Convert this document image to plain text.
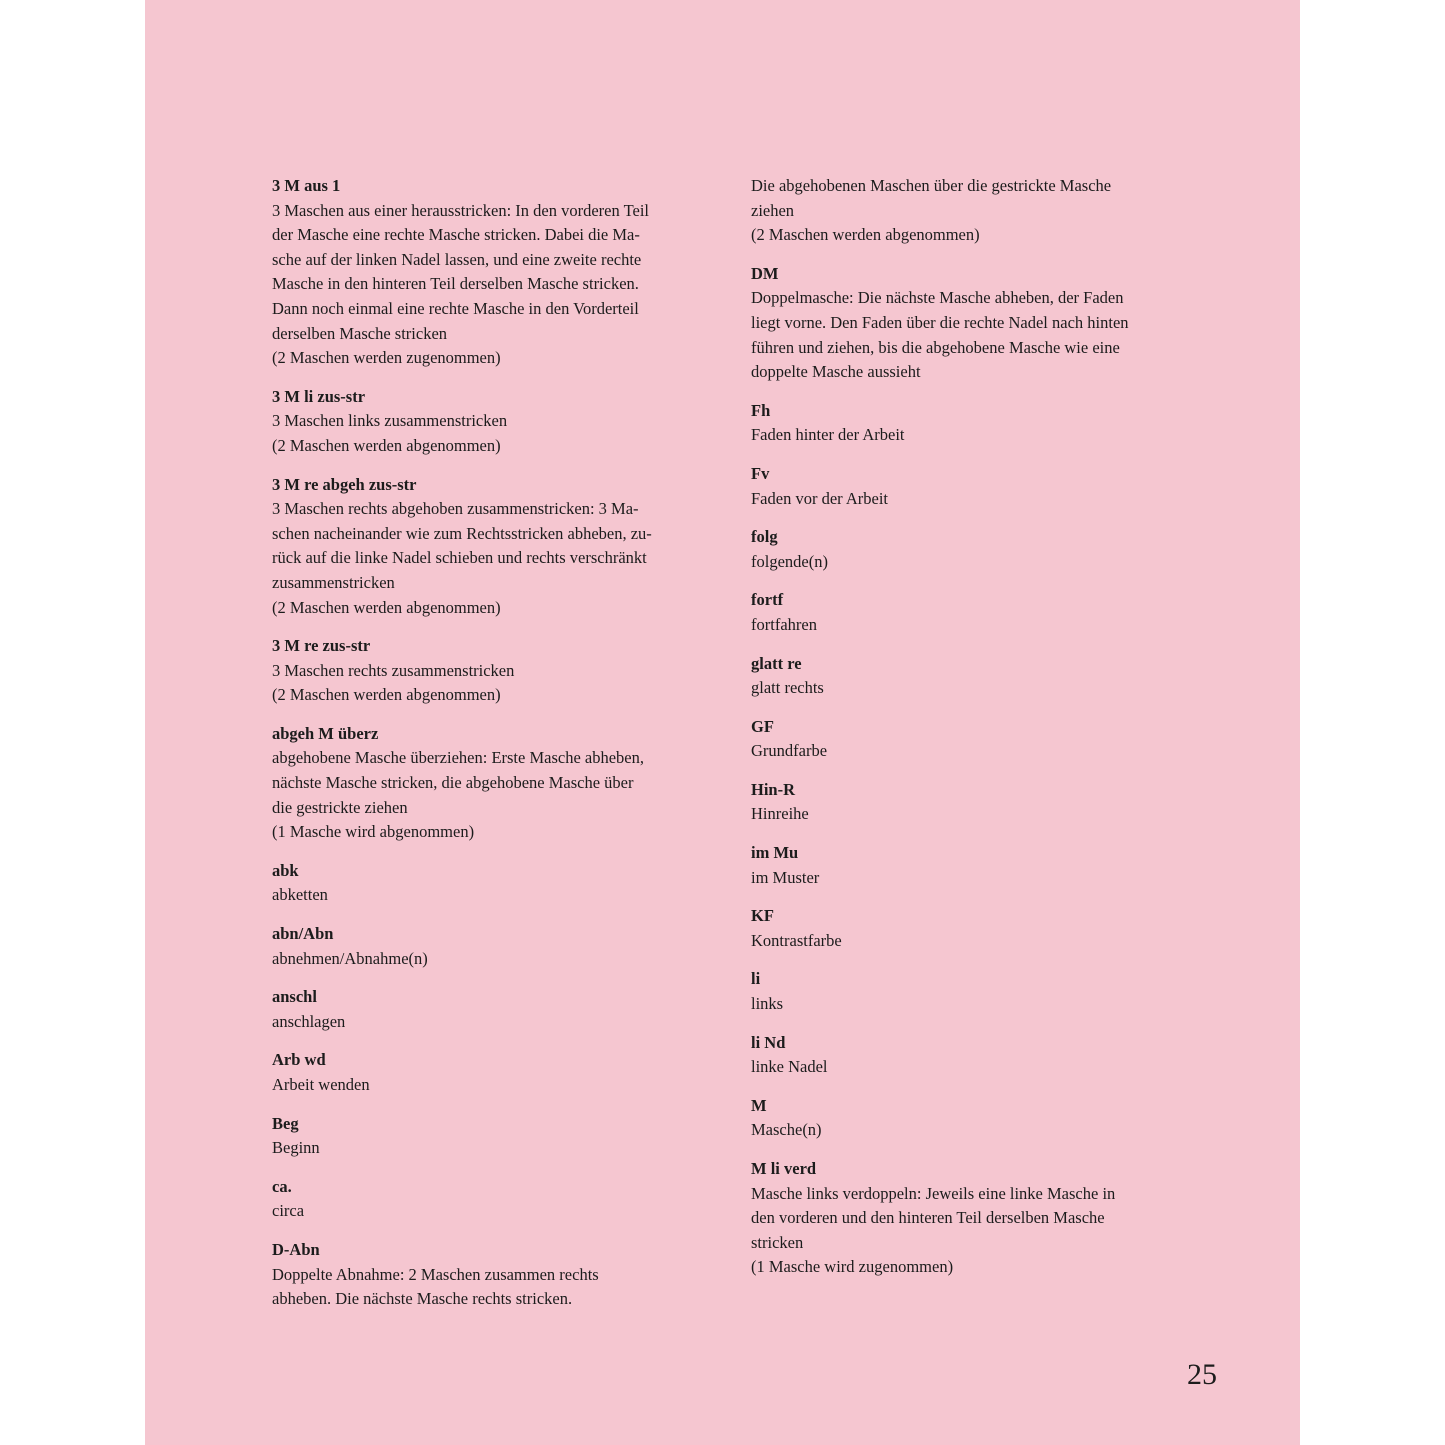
3 M aus 1
3 Maschen aus einer herausstricken: In den vorderen Teil
der Masche eine rechte Masche stricken. Dabei die Ma-
sche auf der linken Nadel lassen, und eine zweite rechte
Masche in den hinteren Teil derselben Masche stricken.
Dann noch einmal eine rechte Masche in den Vorderteil
derselben Masche stricken
(2 Maschen werden zugenommen)
3 M li zus-str
3 Maschen links zusammenstricken
(2 Maschen werden abgenommen)
3 M re abgeh zus-str
3 Maschen rechts abgehoben zusammenstricken: 3 Ma-
schen nacheinander wie zum Rechtsstricken abheben, zu-
rück auf die linke Nadel schieben und rechts verschränkt
zusammenstricken
(2 Maschen werden abgenommen)
3 M re zus-str
3 Maschen rechts zusammenstricken
(2 Maschen werden abgenommen)
abgeh M überz
abgehobene Masche überziehen: Erste Masche abheben,
nächste Masche stricken, die abgehobene Masche über
die gestrickte ziehen
(1 Masche wird abgenommen)
abk
abketten
abn/Abn
abnehmen/Abnahme(n)
anschl
anschlagen
Arb wd
Arbeit wenden
Beg
Beginn
ca.
circa
D-Abn
Doppelte Abnahme: 2 Maschen zusammen rechts
abheben. Die nächste Masche rechts stricken.
Die abgehobenen Maschen über die gestrickte Masche
ziehen
(2 Maschen werden abgenommen)
DM
Doppelmasche: Die nächste Masche abheben, der Faden
liegt vorne. Den Faden über die rechte Nadel nach hinten
führen und ziehen, bis die abgehobene Masche wie eine
doppelte Masche aussieht
Fh
Faden hinter der Arbeit
Fv
Faden vor der Arbeit
folg
folgende(n)
fortf
fortfahren
glatt re
glatt rechts
GF
Grundfarbe
Hin-R
Hinreihe
im Mu
im Muster
KF
Kontrastfarbe
li
links
li Nd
linke Nadel
M
Masche(n)
M li verd
Masche links verdoppeln: Jeweils eine linke Masche in
den vorderen und den hinteren Teil derselben Masche
stricken
(1 Masche wird zugenommen)
25
